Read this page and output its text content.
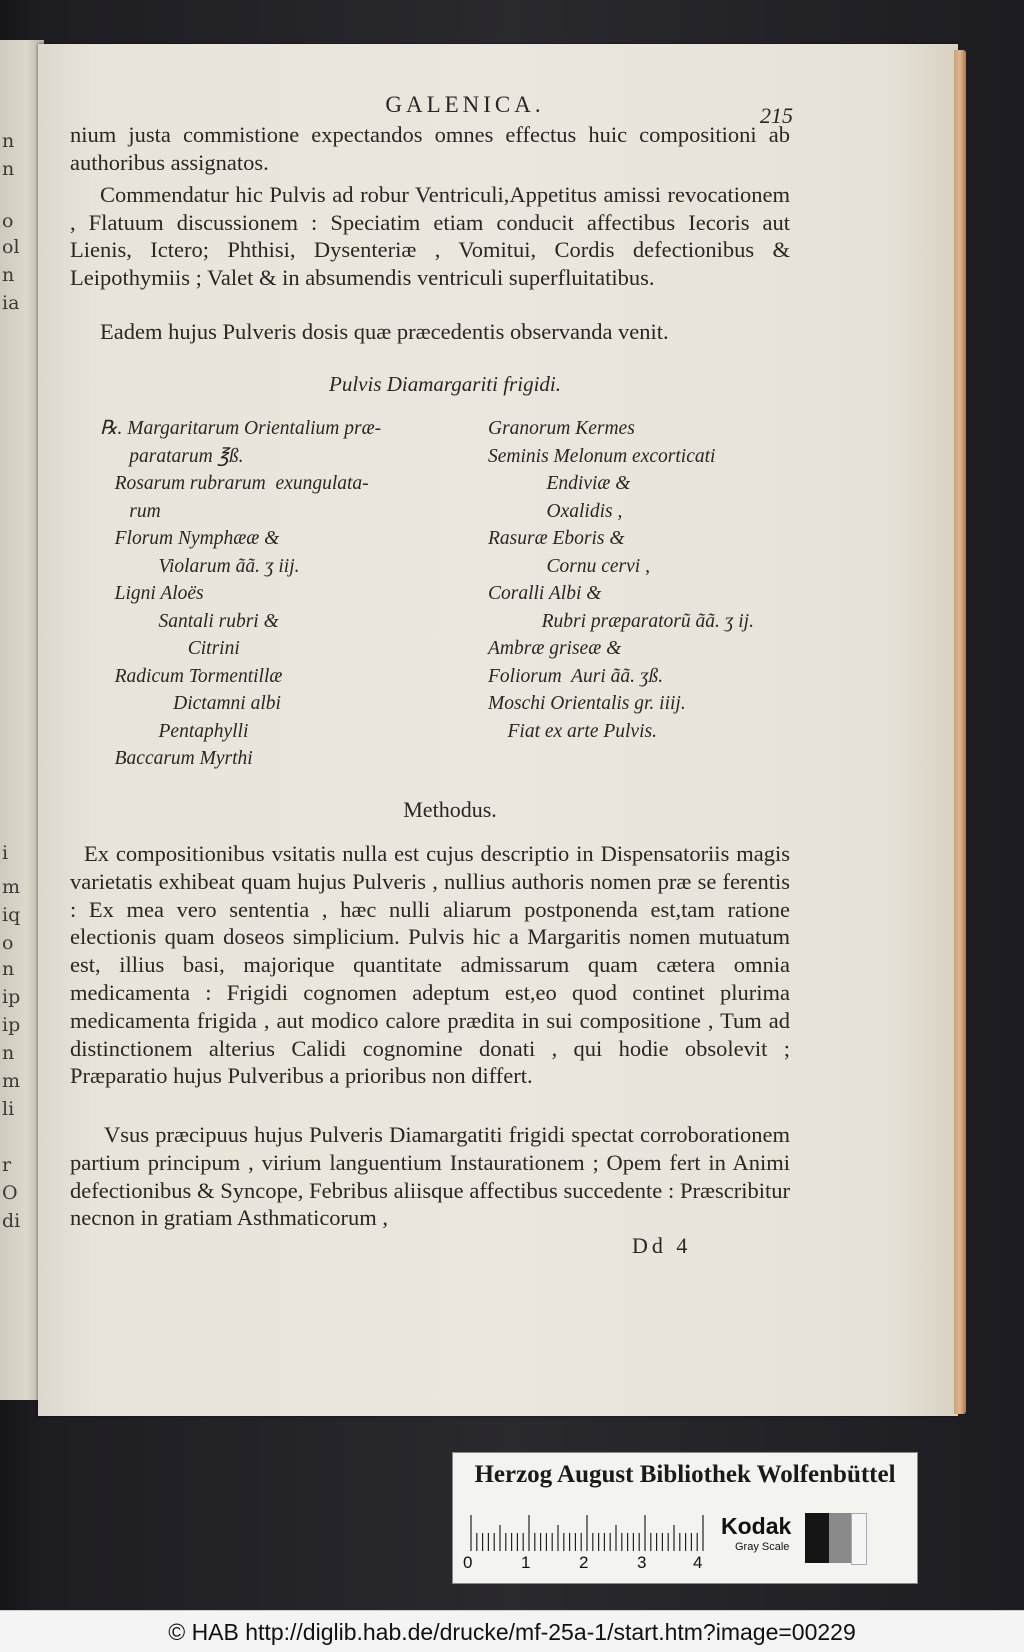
n
n
o
ol
n
ia
i
m
iq
o
n
ip
ip
n
m
li
r
O
di
GALENICA.	215

nium justa commistione expectandos omnes effectus huic compositioni ab authoribus assignatos.

Commendatur hic Pulvis ad robur Ventriculi,Appetitus amissi revocationem , Flatuum discussionem : Speciatim etiam conducit affectibus Iecoris aut Lienis, Ictero; Phthisi, Dysenteriæ , Vomitui, Cordis defectionibus & Leipothymiis ; Valet & in absumendis ventriculi superfluitatibus.

Eadem hujus Pulveris dosis quæ præcedentis observanda venit.

Pulvis Diamargariti frigidi.
℞. Margaritarum Orientalium præ-
paratarum ℥ß.
Rosarum rubrarum  exungulata-
rum
Florum Nymphææ &
Violarum ãã. ʒ iij.
Ligni Aloës
Santali rubri &
Citrini
Radicum Tormentillæ
Dictamni albi
Pentaphylli
Baccarum Myrthi
Granorum Kermes
Seminis Melonum excorticati
Endiviæ &
Oxalidis ,
Rasuræ Eboris &
Cornu cervi ,
Coralli Albi &
Rubri præparatorũ ãã. ʒ ij.
Ambræ griseæ &
Foliorum  Auri ãã. ʒß.
Moschi Orientalis gr. iiij.
Fiat ex arte Pulvis.
Methodus.

Ex compositionibus vsitatis nulla est cujus descriptio in Dispensatoriis magis varietatis exhibeat quam hujus Pulveris , nullius authoris nomen præ se ferentis : Ex mea vero sententia , hæc nulli aliarum postponenda est,tam ratione electionis quam doseos simplicium. Pulvis hic a Margaritis nomen mutuatum est, illius basi, majorique quantitate admissarum quam cætera omnia medicamenta : Frigidi cognomen adeptum est,eo quod continet plurima medicamenta frigida , aut modico calore prædita in sui compositione , Tum ad distinctionem alterius Calidi cognomine donati , qui hodie obsolevit ; Præparatio hujus Pulveribus a prioribus non differt.

Vsus præcipuus hujus Pulveris Diamargatiti frigidi spectat corroborationem partium principum , virium languentium Instaurationem ; Opem fert in Animi defectionibus & Syncope, Febribus aliisque affectibus succedente : Præscribitur necnon in gratiam Asthmaticorum ,

Dd 4
Herzog August Bibliothek Wolfenbüttel
0	1	2	3	4
Kodak
Gray Scale
© HAB http://diglib.hab.de/drucke/mf-25a-1/start.htm?image=00229
